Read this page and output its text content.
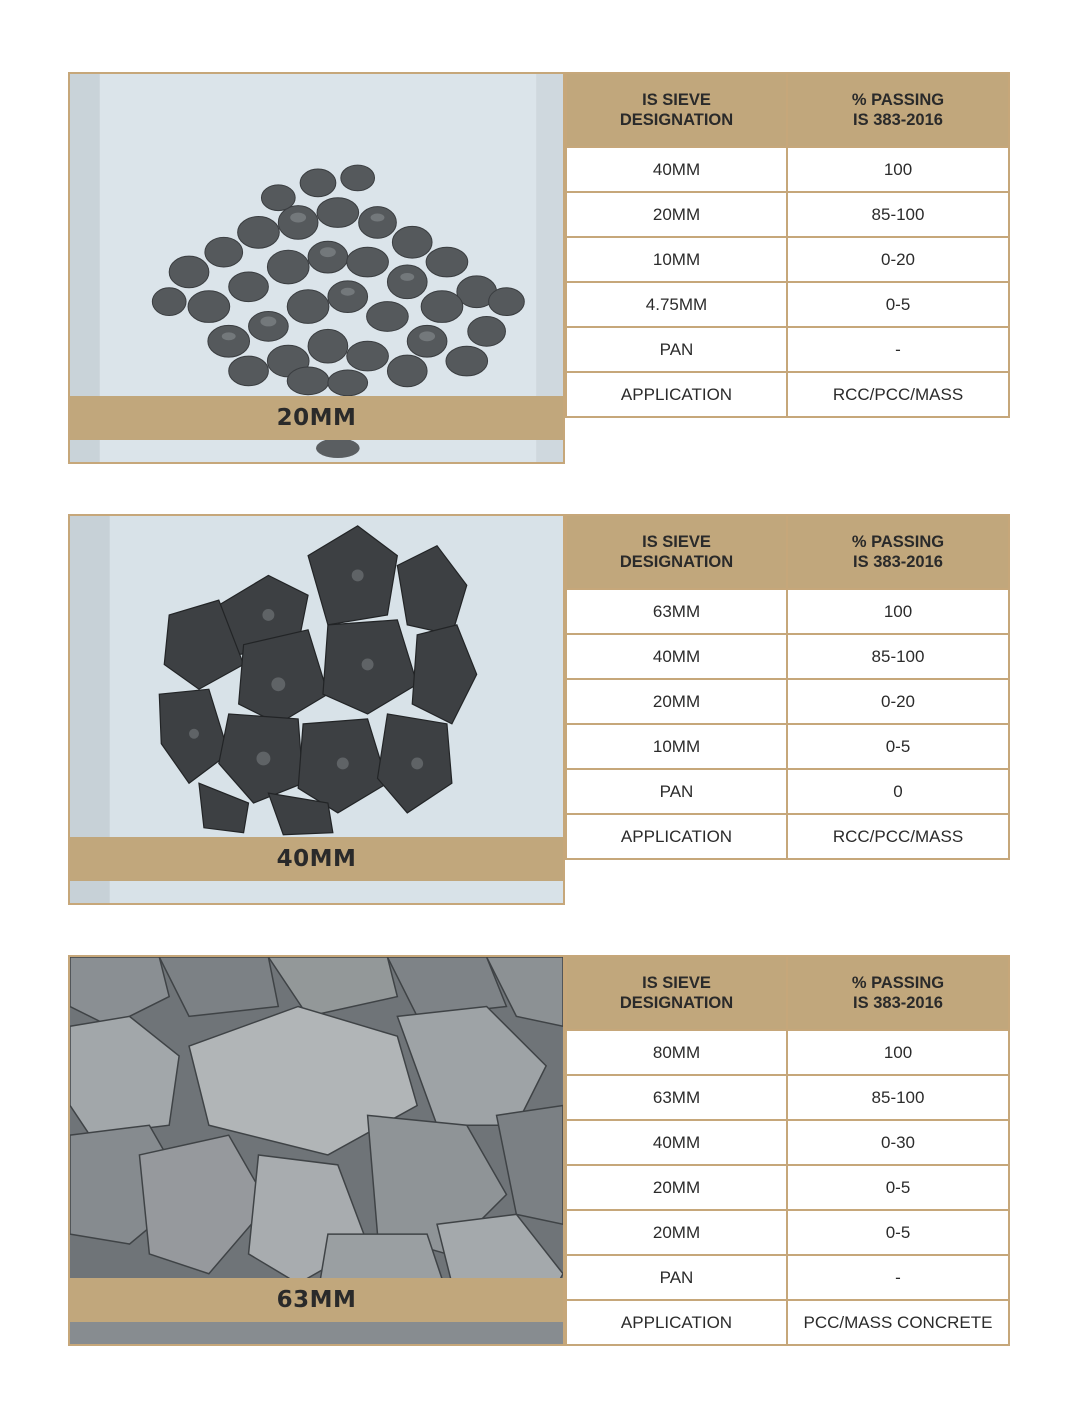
20MM
IS SIEVE
DESIGNATION	% PASSING
IS 383-2016

40MM	100
20MM	85-100
10MM	0-20
4.75MM	0-5
PAN	-
APPLICATION	RCC/PCC/MASS
40MM
IS SIEVE
DESIGNATION	% PASSING
IS 383-2016

63MM	100
40MM	85-100
20MM	0-20
10MM	0-5
PAN	0
APPLICATION	RCC/PCC/MASS
63MM
IS SIEVE
DESIGNATION	% PASSING
IS 383-2016

80MM	100
63MM	85-100
40MM	0-30
20MM	0-5
20MM	0-5
PAN	-
APPLICATION	PCC/MASS CONCRETE
